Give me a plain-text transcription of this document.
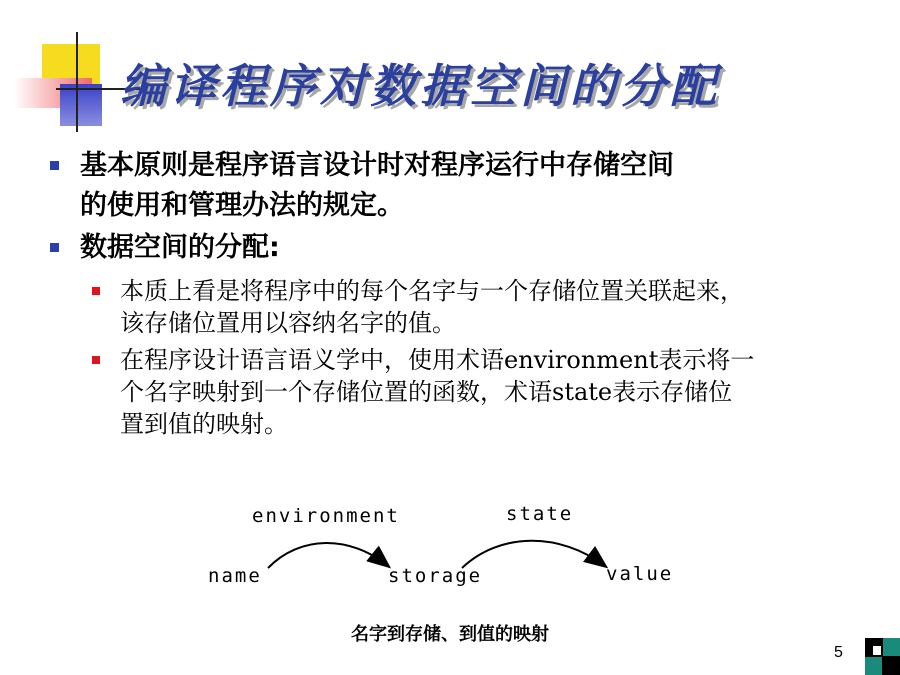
编译程序对数据空间的分配
基本原则是程序语言设计时对程序运行中存储空间
的使用和管理办法的规定。
数据空间的分配:
本质上看是将程序中的每个名字与一个存储位置关联起来，
该存储位置用以容纳名字的值。
在程序设计语言语义学中，使用术语environment表示将一
个名字映射到一个存储位置的函数，术语state表示存储位
置到值的映射。
environment	state
name	storage	value
名字到存储、到值的映射
5
